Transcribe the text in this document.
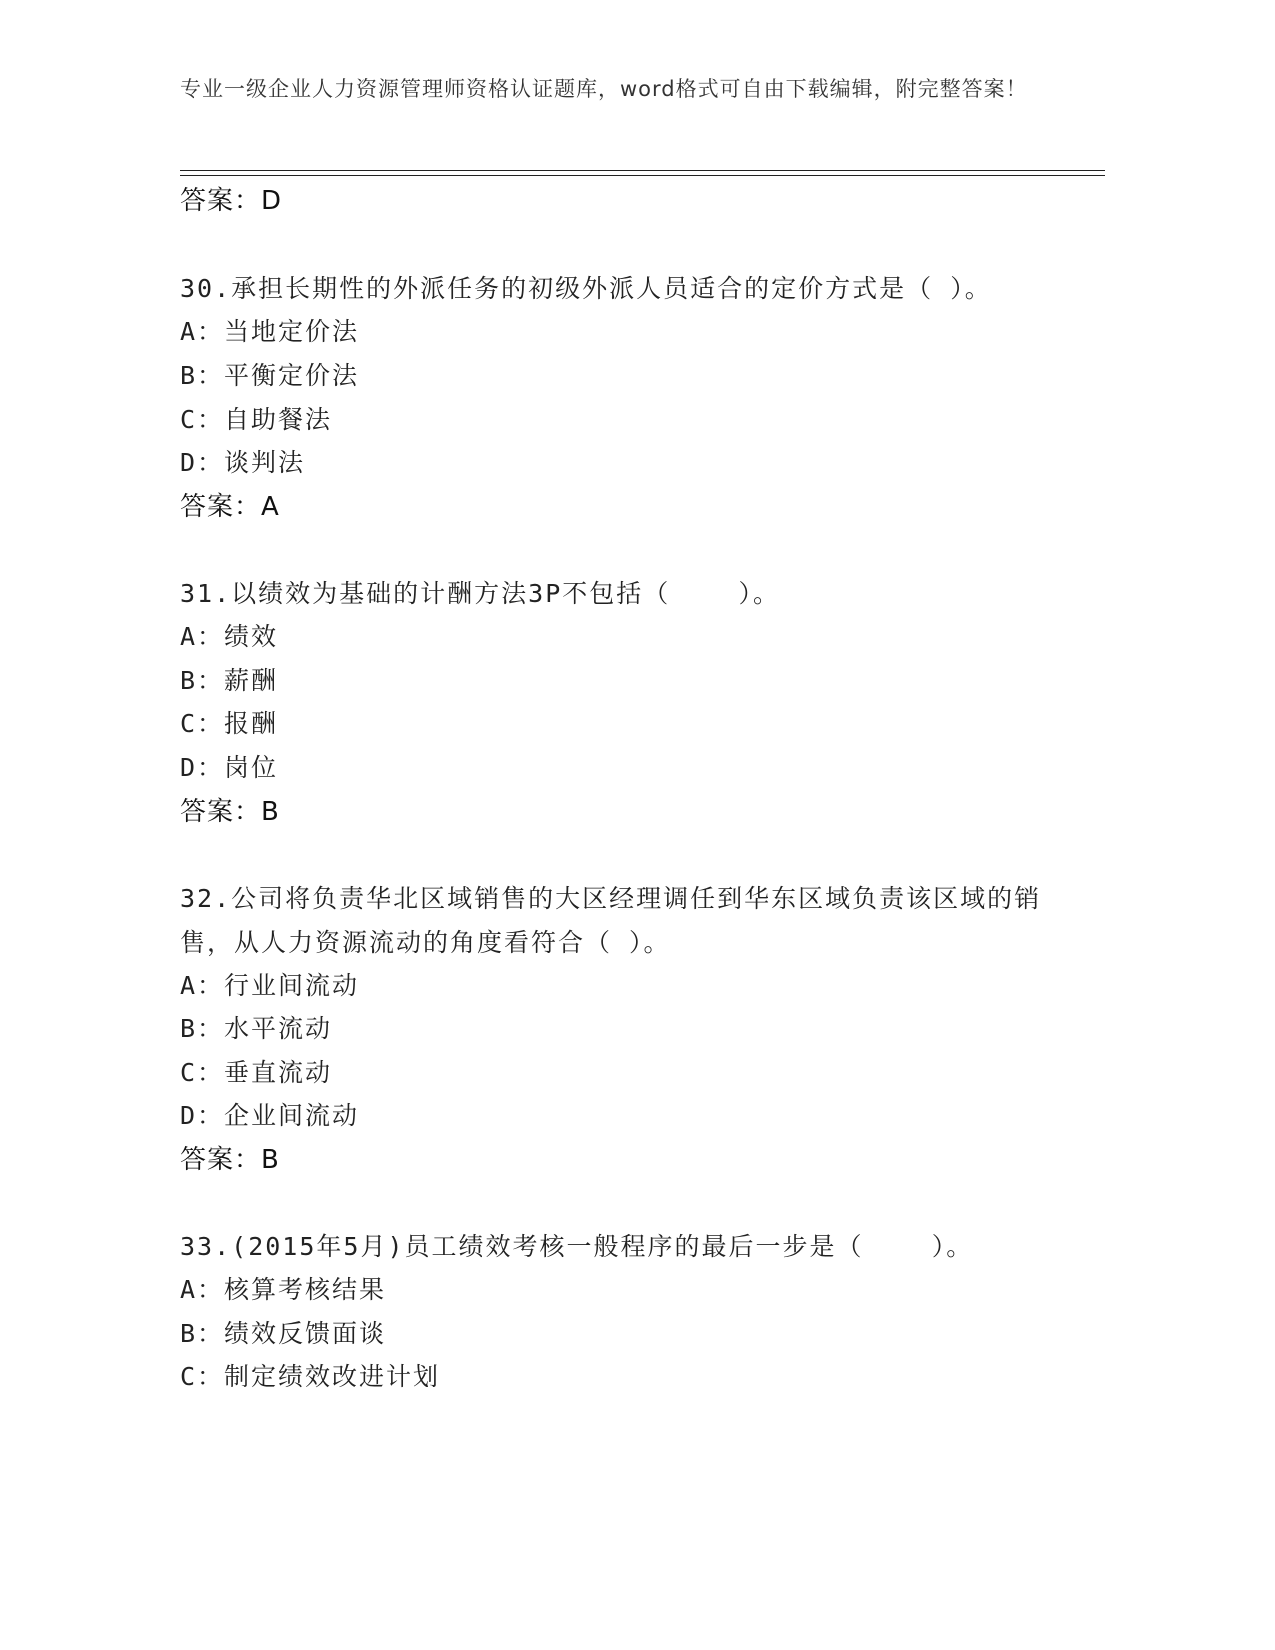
专业一级企业人力资源管理师资格认证题库，word格式可自由下载编辑，附完整答案！
答案：D
30.承担长期性的外派任务的初级外派人员适合的定价方式是（ ）。
A：当地定价法
B：平衡定价法
C：自助餐法
D：谈判法
答案：A
31.以绩效为基础的计酬方法3P不包括（    ）。
A：绩效
B：薪酬
C：报酬
D：岗位
答案：B
32.公司将负责华北区域销售的大区经理调任到华东区域负责该区域的销售，从人力资源流动的角度看符合（ ）。
A：行业间流动
B：水平流动
C：垂直流动
D：企业间流动
答案：B
33.(2015年5月)员工绩效考核一般程序的最后一步是（    ）。
A：核算考核结果
B：绩效反馈面谈
C：制定绩效改进计划
